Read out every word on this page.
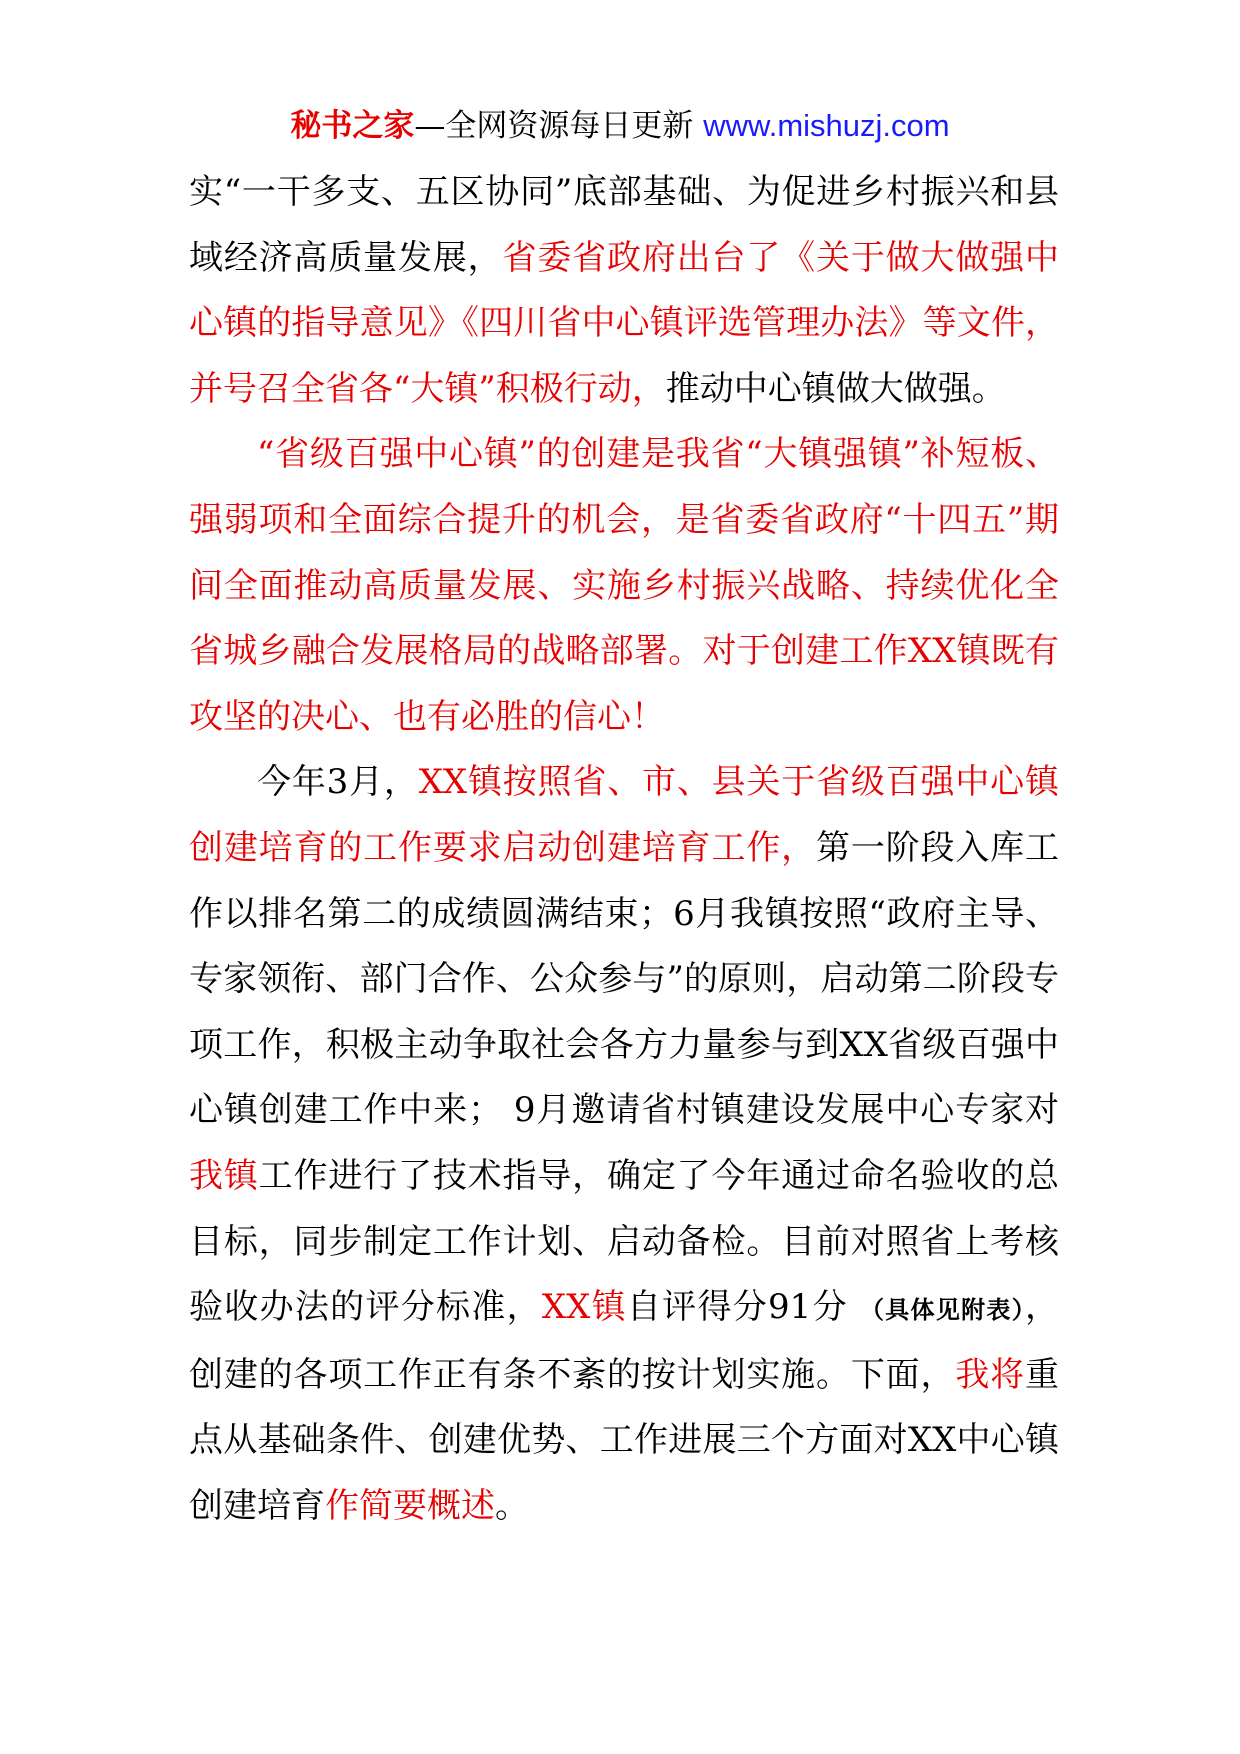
秘书之家—全网资源每日更新 www.mishuzj.com

实“一干多支、五区协同”底部基础、为促进乡村振兴和县域经济高质量发展，省委省政府出台了《关于做大做强中心镇的指导意见》《四川省中心镇评选管理办法》等文件，并号召全省各“大镇”积极行动，推动中心镇做大做强。

“省级百强中心镇”的创建是我省“大镇强镇”补短板、强弱项和全面综合提升的机会，是省委省政府“十四五”期间全面推动高质量发展、实施乡村振兴战略、持续优化全省城乡融合发展格局的战略部署。对于创建工作XX镇既有攻坚的决心、也有必胜的信心！

今年3月，XX镇按照省、市、县关于省级百强中心镇创建培育的工作要求启动创建培育工作，第一阶段入库工作以排名第二的成绩圆满结束；6月我镇按照“政府主导、专家领衔、部门合作、公众参与”的原则，启动第二阶段专项工作，积极主动争取社会各方力量参与到XX省级百强中心镇创建工作中来； 9月邀请省村镇建设发展中心专家对我镇工作进行了技术指导，确定了今年通过命名验收的总目标，同步制定工作计划、启动备检。目前对照省上考核验收办法的评分标准，XX镇自评得分91分 （具体见附表），创建的各项工作正有条不紊的按计划实施。下面，我将重点从基础条件、创建优势、工作进展三个方面对XX中心镇创建培育作简要概述。
